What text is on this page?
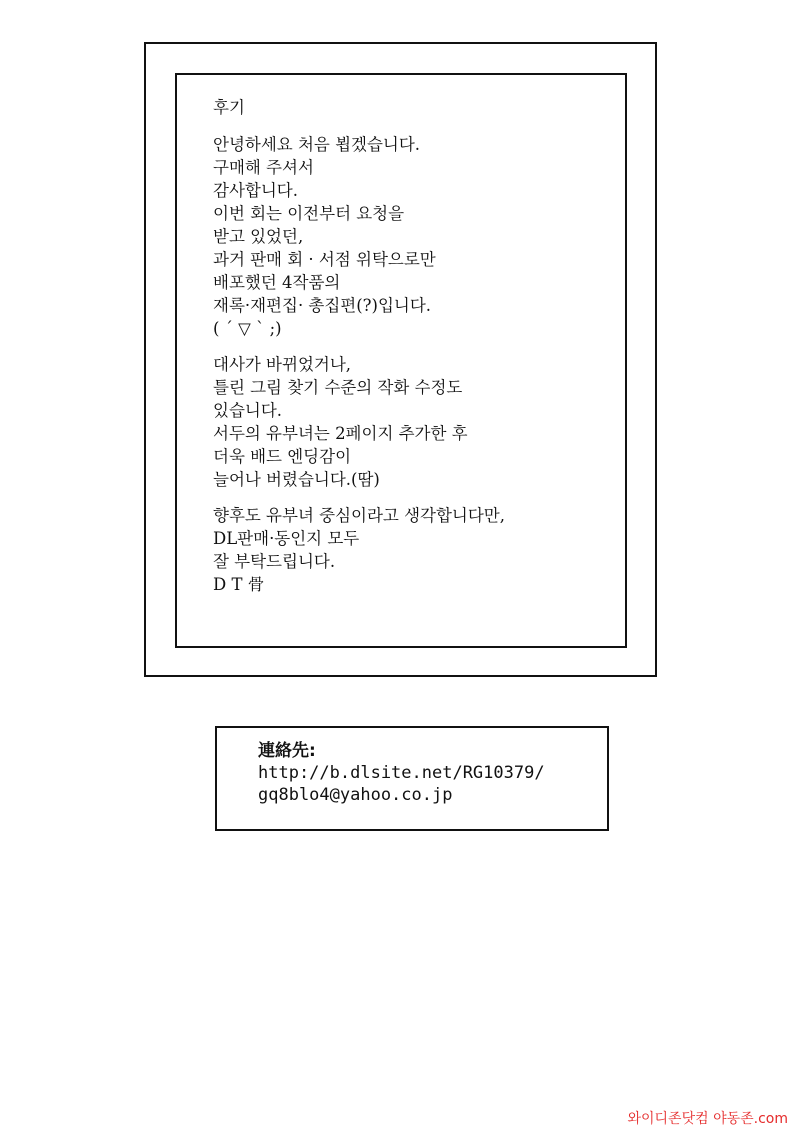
후기
안녕하세요 처음 뵙겠습니다.
구매해 주셔서
감사합니다.
이번 회는 이전부터 요청을
받고 있었던,
과거 판매 회 · 서점 위탁으로만
배포했던 4작품의
재록·재편집· 총집편(?)입니다.
( ´ ▽ ` ;)
대사가 바뀌었거나,
틀린 그림 찾기 수준의 작화 수정도
있습니다.
서두의 유부녀는 2페이지 추가한 후
더욱 배드 엔딩감이
늘어나 버렸습니다.(땀)
향후도 유부녀 중심이라고 생각합니다만,
DL판매·동인지 모두
잘 부탁드립니다.
D T 骨
連絡先:
http://b.dlsite.net/RG10379/
gq8blo4@yahoo.co.jp
와이디존닷컴 야동존.com
